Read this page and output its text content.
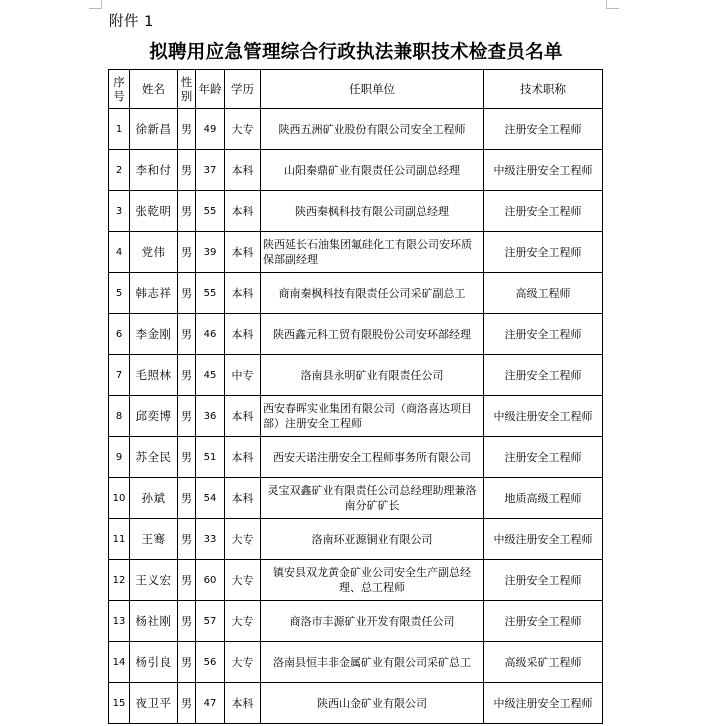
附件 1
拟聘用应急管理综合行政执法兼职技术检查员名单
序号	姓名	性别	年龄	学历	任职单位	技术职称
1	徐新昌	男	49	大专	陕西五洲矿业股份有限公司安全工程师	注册安全工程师
2	李和付	男	37	本科	山阳秦鼎矿业有限责任公司副总经理	中级注册安全工程师
3	张乾明	男	55	本科	陕西秦枫科技有限公司副总经理	注册安全工程师
4	党伟	男	39	本科	陕西延长石油集团氟硅化工有限公司安环质保部副经理	注册安全工程师
5	韩志祥	男	55	本科	商南秦枫科技有限责任公司采矿副总工	高级工程师
6	李金刚	男	46	本科	陕西鑫元科工贸有限股份公司安环部经理	注册安全工程师
7	毛照林	男	45	中专	洛南县永明矿业有限责任公司	注册安全工程师
8	邱奕博	男	36	本科	西安春晖实业集团有限公司（商洛喜达项目部）注册安全工程师	中级注册安全工程师
9	苏全民	男	51	本科	西安天诺注册安全工程师事务所有限公司	注册安全工程师
10	孙斌	男	54	本科	灵宝双鑫矿业有限责任公司总经理助理兼洛南分矿矿长	地质高级工程师
11	王骞	男	33	大专	洛南环亚源铜业有限公司	中级注册安全工程师
12	王义宏	男	60	大专	镇安县双龙黄金矿业公司安全生产副总经理、总工程师	注册安全工程师
13	杨社刚	男	57	大专	商洛市丰源矿业开发有限责任公司	注册安全工程师
14	杨引良	男	56	大专	洛南县恒丰非金属矿业有限公司采矿总工	高级采矿工程师
15	夜卫平	男	47	本科	陕西山金矿业有限公司	中级注册安全工程师
